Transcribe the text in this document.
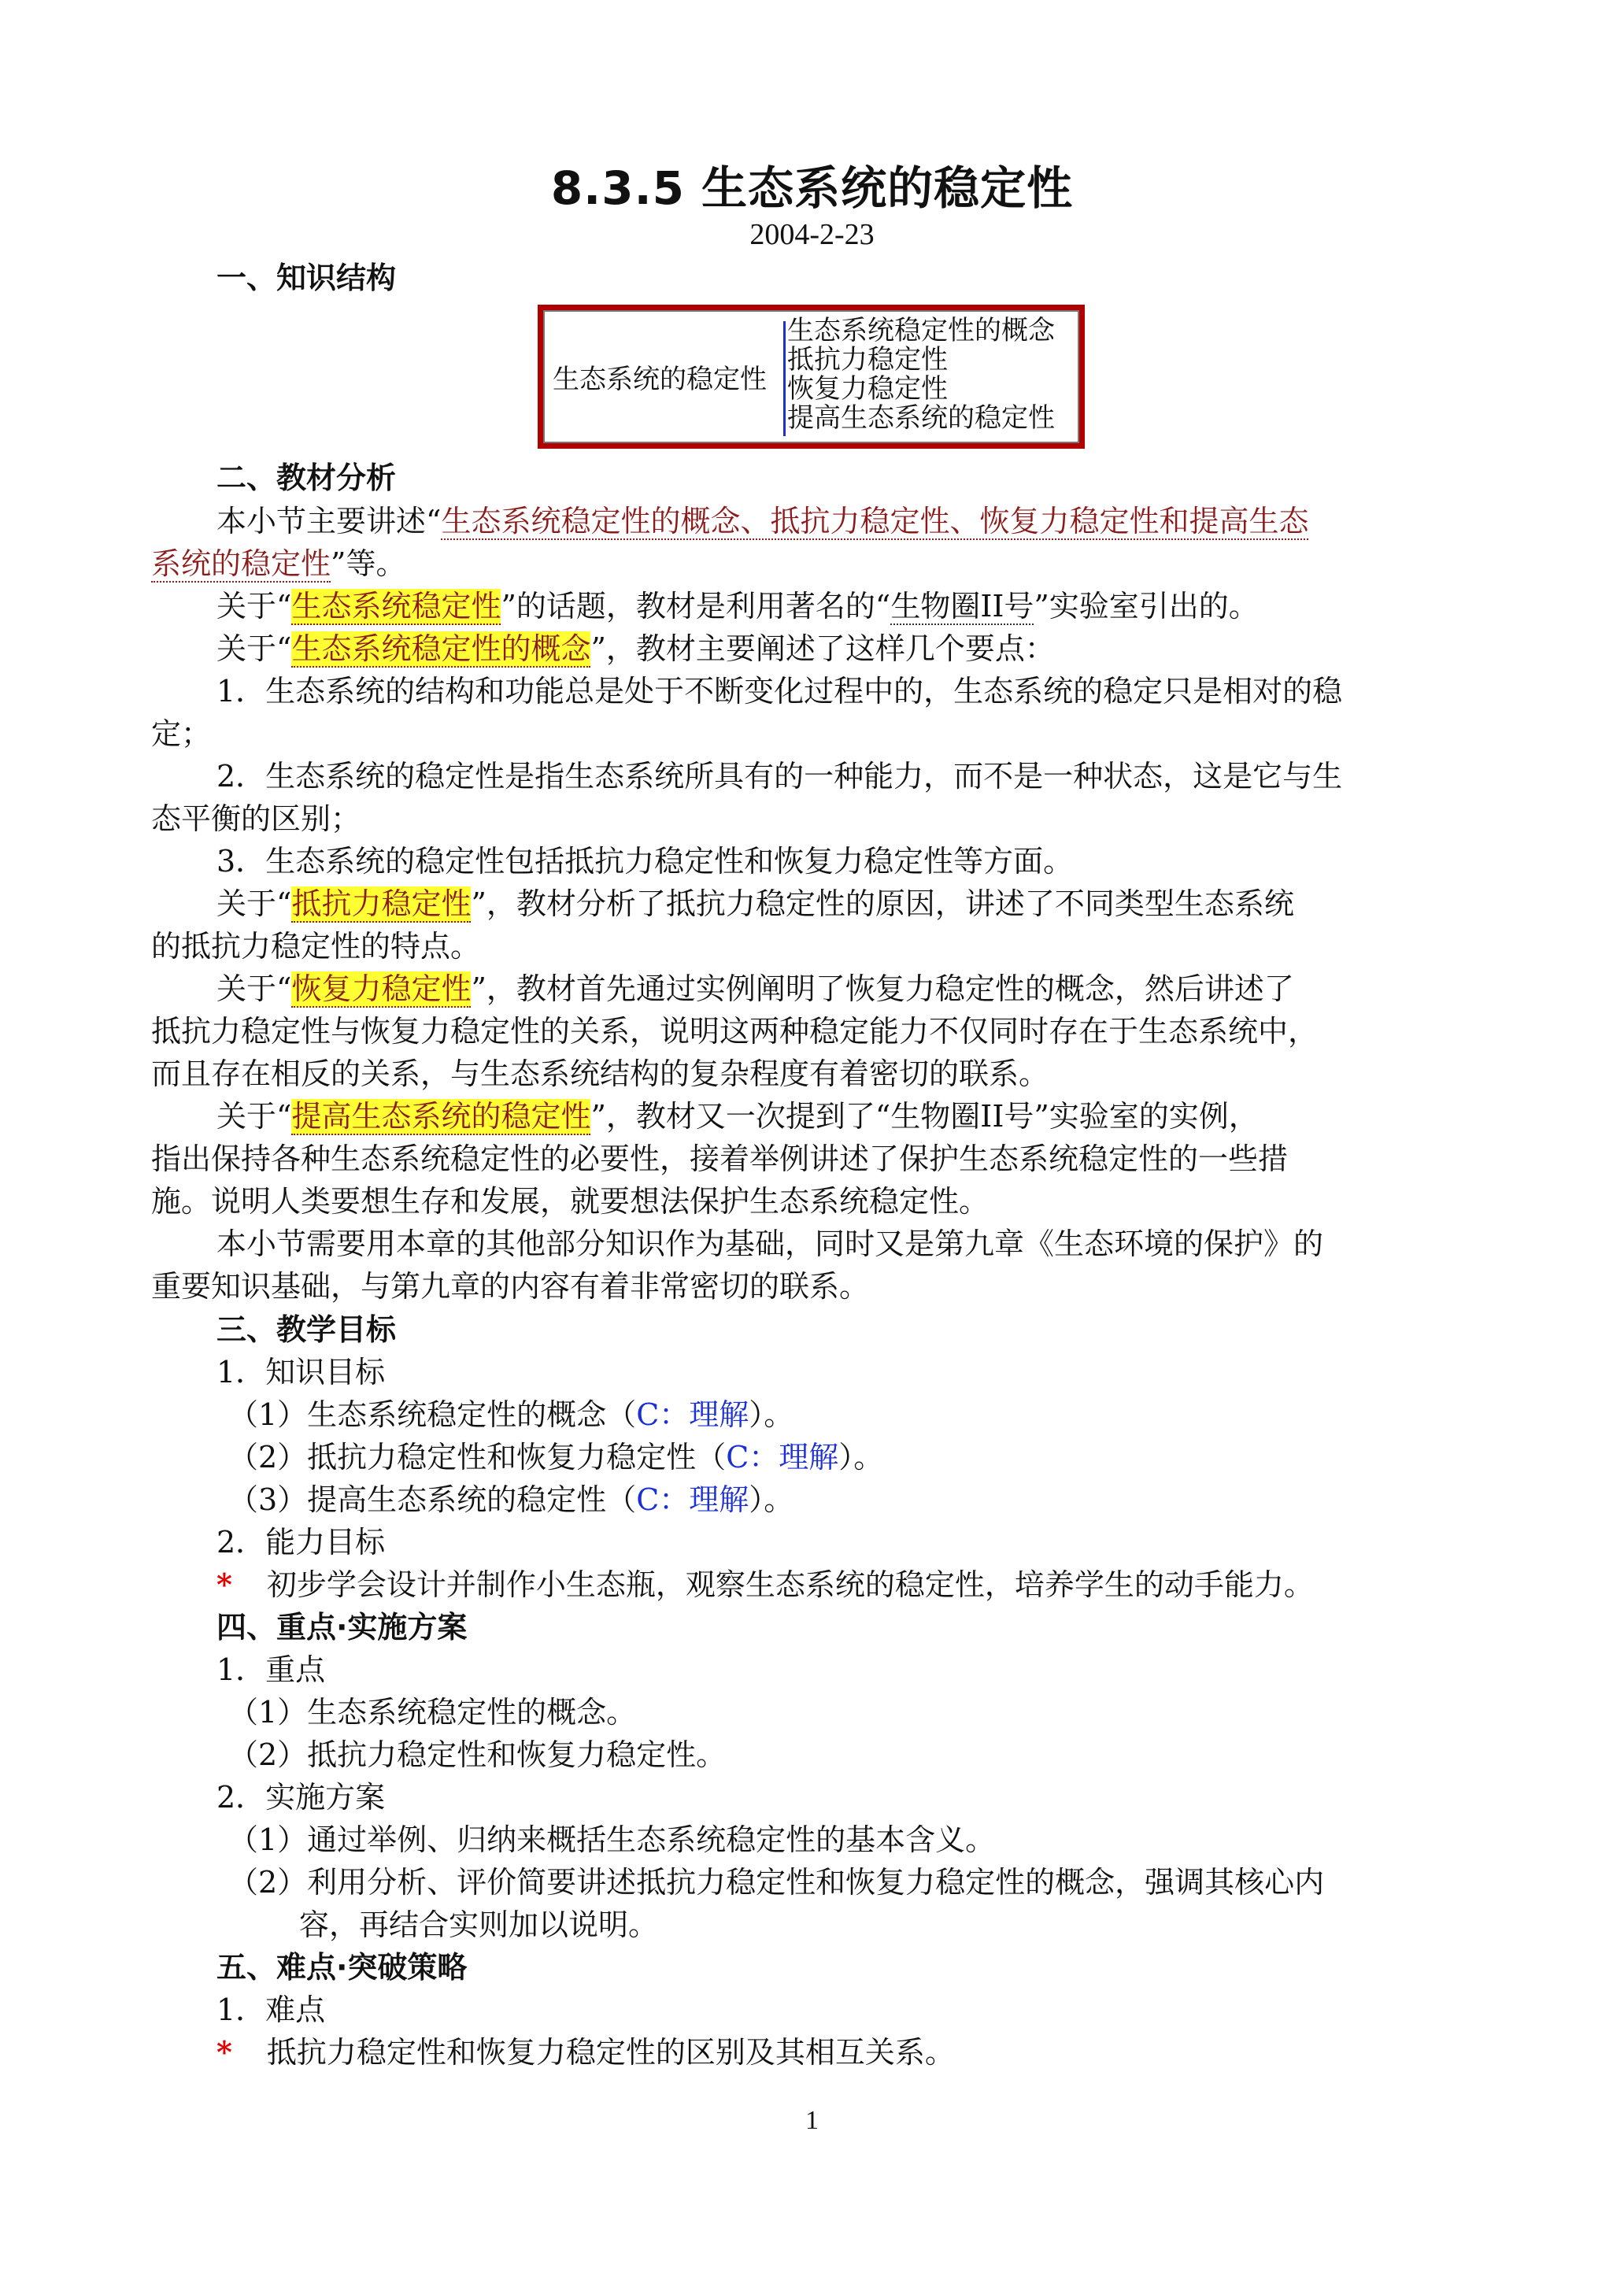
8.3.5 生态系统的稳定性
2004-2-23
一、知识结构
生态系统的稳定性
生态系统稳定性的概念
抵抗力稳定性
恢复力稳定性
提高生态系统的稳定性
二、教材分析
本小节主要讲述“生态系统稳定性的概念、抵抗力稳定性、恢复力稳定性和提高生态
系统的稳定性”等。
关于“生态系统稳定性”的话题，教材是利用著名的“生物圈II号”实验室引出的。
关于“生态系统稳定性的概念”，教材主要阐述了这样几个要点：
1．生态系统的结构和功能总是处于不断变化过程中的，生态系统的稳定只是相对的稳
定；
2．生态系统的稳定性是指生态系统所具有的一种能力，而不是一种状态，这是它与生
态平衡的区别；
3．生态系统的稳定性包括抵抗力稳定性和恢复力稳定性等方面。
关于“抵抗力稳定性”，教材分析了抵抗力稳定性的原因，讲述了不同类型生态系统
的抵抗力稳定性的特点。
关于“恢复力稳定性”，教材首先通过实例阐明了恢复力稳定性的概念，然后讲述了
抵抗力稳定性与恢复力稳定性的关系，说明这两种稳定能力不仅同时存在于生态系统中，
而且存在相反的关系，与生态系统结构的复杂程度有着密切的联系。
关于“提高生态系统的稳定性”，教材又一次提到了“生物圈II号”实验室的实例，
指出保持各种生态系统稳定性的必要性，接着举例讲述了保护生态系统稳定性的一些措
施。说明人类要想生存和发展，就要想法保护生态系统稳定性。
本小节需要用本章的其他部分知识作为基础，同时又是第九章《生态环境的保护》的
重要知识基础，与第九章的内容有着非常密切的联系。
三、教学目标
1．知识目标
（1）生态系统稳定性的概念（C：理解）。
（2）抵抗力稳定性和恢复力稳定性（C：理解）。
（3）提高生态系统的稳定性（C：理解）。
2．能力目标
* 初步学会设计并制作小生态瓶，观察生态系统的稳定性，培养学生的动手能力。
四、重点·实施方案
1．重点
（1）生态系统稳定性的概念。
（2）抵抗力稳定性和恢复力稳定性。
2．实施方案
（1）通过举例、归纳来概括生态系统稳定性的基本含义。
（2）利用分析、评价简要讲述抵抗力稳定性和恢复力稳定性的概念，强调其核心内
容，再结合实则加以说明。
五、难点·突破策略
1．难点
* 抵抗力稳定性和恢复力稳定性的区别及其相互关系。
1
